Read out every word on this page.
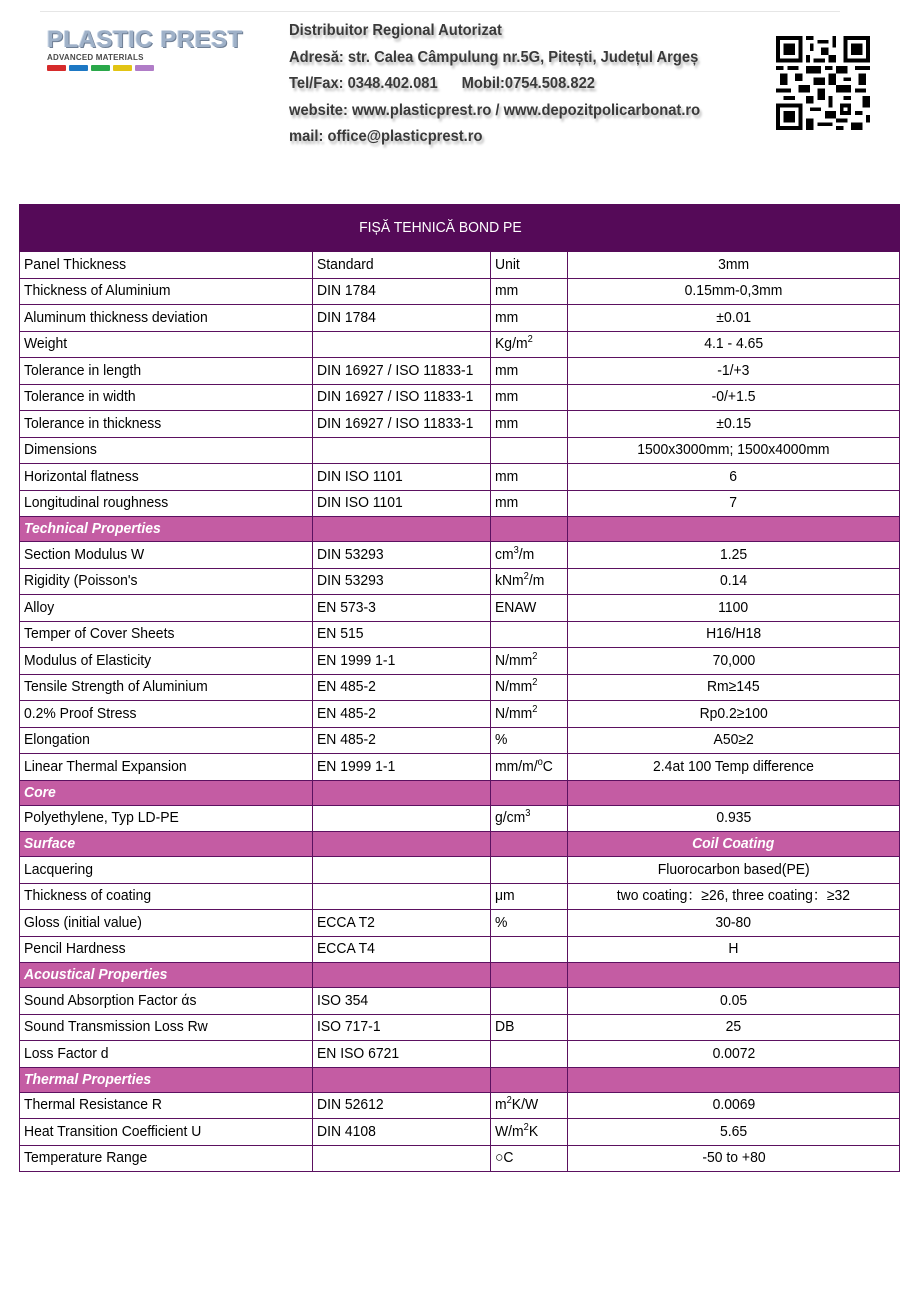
PLASTIC PREST
ADVANCED MATERIALS
Distribuitor Regional Autorizat
Adresă: str. Calea Câmpulung nr.5G, Pitești, Județul Argeș
Tel/Fax: 0348.402.081 Mobil:0754.508.822
website: www.plasticprest.ro / www.depozitpolicarbonat.ro
mail: office@plasticprest.ro
	FIȘĂ TEHNICĂ BOND PE		
Panel Thickness	Standard	Unit	3mm
Thickness of Aluminium	DIN 1784	mm	0.15mm-0,3mm
Aluminum thickness deviation	DIN 1784	mm	±0.01
Weight		$Kg/m^2$	4.1 - 4.65
Tolerance in length	DIN 16927 / ISO 11833-1	mm	-1/+3
Tolerance in width	DIN 16927 / ISO 11833-1	mm	-0/+1.5
Tolerance in thickness	DIN 16927 / ISO 11833-1	mm	±0.15
Dimensions			1500x3000mm; 1500x4000mm
Horizontal flatness	DIN ISO 1101	mm	6
Longitudinal roughness	DIN ISO 1101	mm	7
Technical Properties			
Section Modulus W	DIN 53293	$cm^3/m$	1.25
Rigidity (Poisson's	DIN 53293	kNm$^2$/m	0.14
Alloy	EN 573-3	ENAW	1100
Temper of Cover Sheets	EN 515		H16/H18
Modulus of Elasticity	EN 1999 1-1	$N/mm^2$	70,000
Tensile Strength of Aluminium	EN 485-2	$N/mm^2$	Rm≥145
0.2% Proof Stress	EN 485-2	$N/mm^2$	Rp0.2≥100
Elongation	EN 485-2	%	A50≥2
Linear Thermal Expansion	EN 1999 1-1	mm/m/$^o$C	2.4at 100 Temp difference
Core			
Polyethylene, Typ LD-PE		$g/cm^3$	0.935
Surface			Coil Coating
Lacquering			Fluorocarbon based(PE)
Thickness of coating		μm	two coating：≥26, three coating：≥32
Gloss (initial value)	ECCA T2	%	30-80
Pencil Hardness	ECCA T4		H
Acoustical Properties			
Sound Absorption Factor άs	ISO 354		0.05
Sound Transmission Loss Rw	ISO 717-1	DB	25
Loss Factor d	EN ISO 6721		0.0072
Thermal Properties			
Thermal Resistance R	DIN 52612	$m^2K/W$	0.0069
Heat Transition Coefficient U	DIN 4108	$W/m^2K$	5.65
Temperature Range		○C	-50 to +80
